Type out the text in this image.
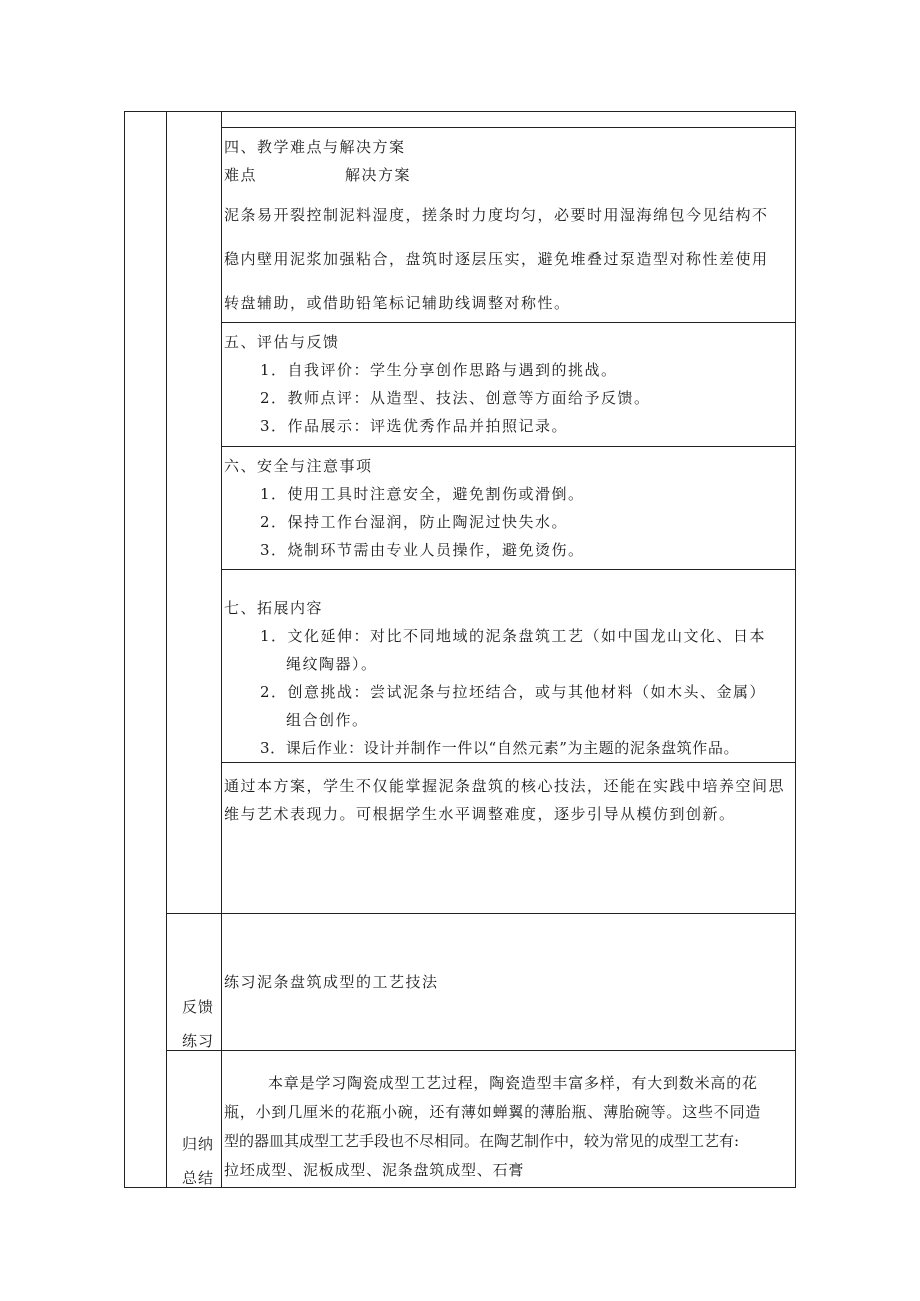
四、教学难点与解决方案

难点	解决方案

泥条易开裂控制泥料湿度，搓条时力度均匀，必要时用湿海绵包今见结构不

稳内壁用泥浆加强粘合，盘筑时逐层压实，避免堆叠过泵造型对称性差使用

转盘辅助，或借助铅笔标记辅助线调整对称性。

五、评估与反馈

1．自我评价：学生分享创作思路与遇到的挑战。

2．教师点评：从造型、技法、创意等方面给予反馈。

3．作品展示：评选优秀作品并拍照记录。

六、安全与注意事项

1．使用工具时注意安全，避免割伤或滑倒。

2．保持工作台湿润，防止陶泥过快失水。

3．烧制环节需由专业人员操作，避免烫伤。

七、拓展内容

1．文化延伸：对比不同地域的泥条盘筑工艺（如中国龙山文化、日本

绳纹陶器）。

2．创意挑战：尝试泥条与拉坯结合，或与其他材料（如木头、金属）

组合创作。

3．课后作业：设计并制作一件以“自然元素”为主题的泥条盘筑作品。

通过本方案，学生不仅能掌握泥条盘筑的核心技法，还能在实践中培养空间思

维与艺术表现力。可根据学生水平调整难度，逐步引导从模仿到创新。

反馈
练习
练习泥条盘筑成型的工艺技法
归纳
总结

本章是学习陶瓷成型工艺过程，陶瓷造型丰富多样，有大到数米高的花

瓶，小到几厘米的花瓶小碗，还有薄如蝉翼的薄胎瓶、薄胎碗等。这些不同造

型的器皿其成型工艺手段也不尽相同。在陶艺制作中，较为常见的成型工艺有:

拉坯成型、泥板成型、泥条盘筑成型、石膏
